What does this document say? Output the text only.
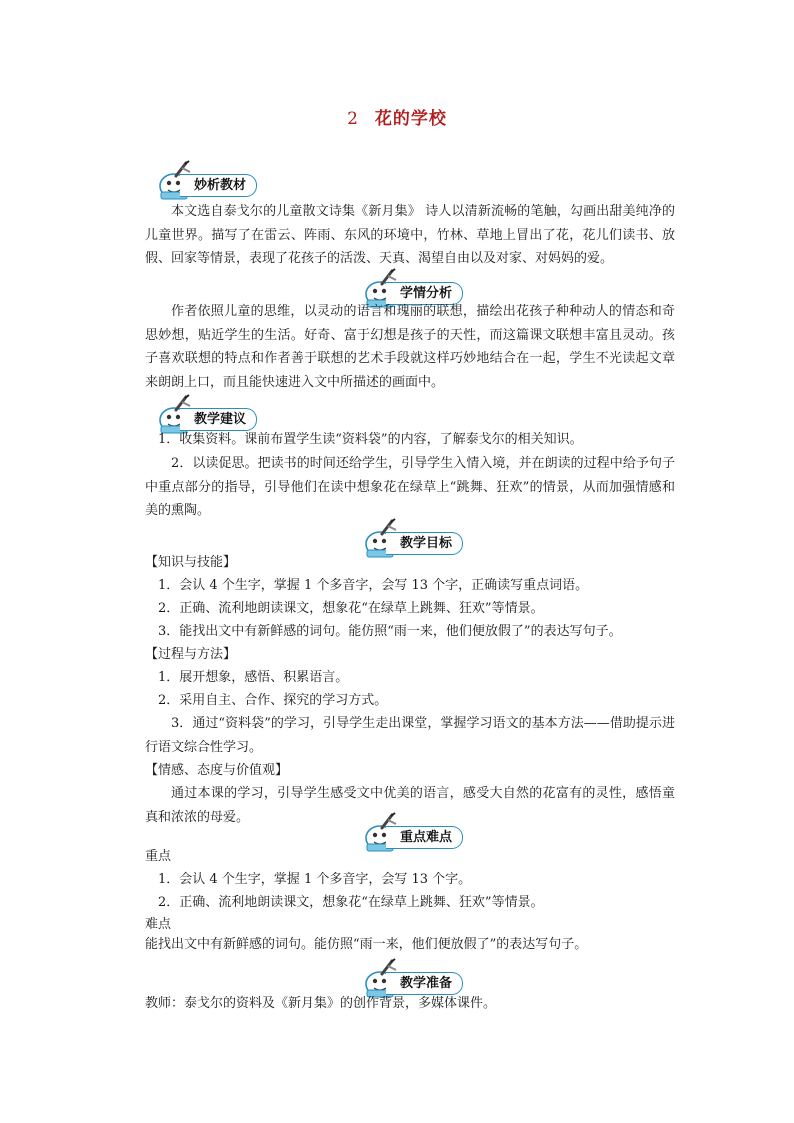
2 花的学校
妙析教材

本文选自泰戈尔的儿童散文诗集《新月集》 诗人以清新流畅的笔触，勾画出甜美纯净的儿童世界。描写了在雷云、阵雨、东风的环境中，竹林、草地上冒出了花，花儿们读书、放假、回家等情景，表现了花孩子的活泼、天真、渴望自由以及对家、对妈妈的爱。

学情分析

作者依照儿童的思维，以灵动的语言和瑰丽的联想，描绘出花孩子种种动人的情态和奇思妙想，贴近学生的生活。好奇、富于幻想是孩子的天性，而这篇课文联想丰富且灵动。孩子喜欢联想的特点和作者善于联想的艺术手段就这样巧妙地结合在一起，学生不光读起文章来朗朗上口，而且能快速进入文中所描述的画面中。

教学建议
1．收集资料。课前布置学生读“资料袋”的内容，了解泰戈尔的相关知识。

2．以读促思。把读书的时间还给学生，引导学生入情入境，并在朗读的过程中给予句子中重点部分的指导，引导他们在读中想象花在绿草上“跳舞、狂欢”的情景，从而加强情感和美的熏陶。

教学目标
【知识与技能】
1．会认 4 个生字，掌握 1 个多音字，会写 13 个字，正确读写重点词语。
2．正确、流利地朗读课文，想象花“在绿草上跳舞、狂欢”等情景。
3．能找出文中有新鲜感的词句。能仿照“雨一来，他们便放假了”的表达写句子。
【过程与方法】
1．展开想象，感悟、积累语言。
2．采用自主、合作、探究的学习方式。

3．通过“资料袋”的学习，引导学生走出课堂，掌握学习语文的基本方法——借助提示进行语文综合性学习。

【情感、态度与价值观】

通过本课的学习，引导学生感受文中优美的语言，感受大自然的花富有的灵性，感悟童真和浓浓的母爱。

重点难点
重点
1．会认 4 个生字，掌握 1 个多音字，会写 13 个字。
2．正确、流利地朗读课文，想象花“在绿草上跳舞、狂欢”等情景。
难点
能找出文中有新鲜感的词句。能仿照“雨一来，他们便放假了”的表达写句子。
教学准备
教师：泰戈尔的资料及《新月集》的创作背景，多媒体课件。
